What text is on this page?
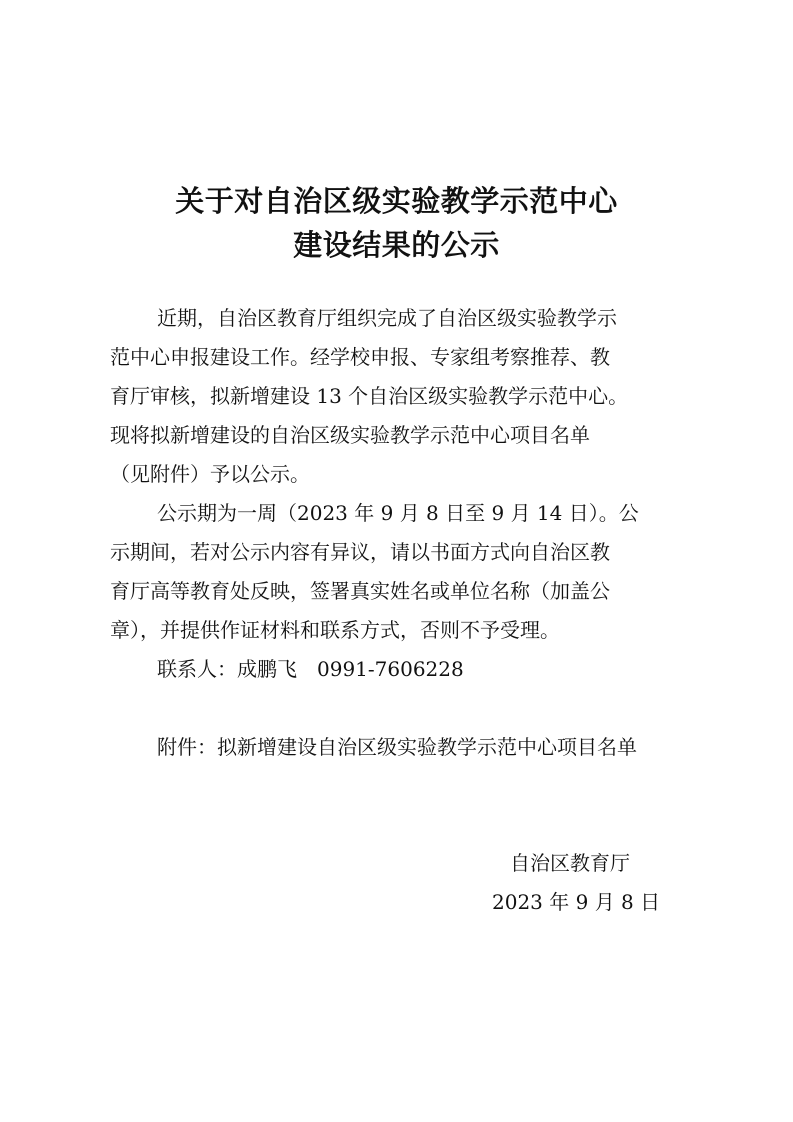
关于对自治区级实验教学示范中心
建设结果的公示
近期，自治区教育厅组织完成了自治区级实验教学示
范中心申报建设工作。经学校申报、专家组考察推荐、教
育厅审核，拟新增建设 13 个自治区级实验教学示范中心。
现将拟新增建设的自治区级实验教学示范中心项目名单
（见附件）予以公示。
公示期为一周（2023 年 9 月 8 日至 9 月 14 日）。公
示期间，若对公示内容有异议，请以书面方式向自治区教
育厅高等教育处反映，签署真实姓名或单位名称（加盖公
章），并提供作证材料和联系方式，否则不予受理。
联系人：成鹏飞　0991-7606228
附件：拟新增建设自治区级实验教学示范中心项目名单
自治区教育厅
2023 年 9 月 8 日
